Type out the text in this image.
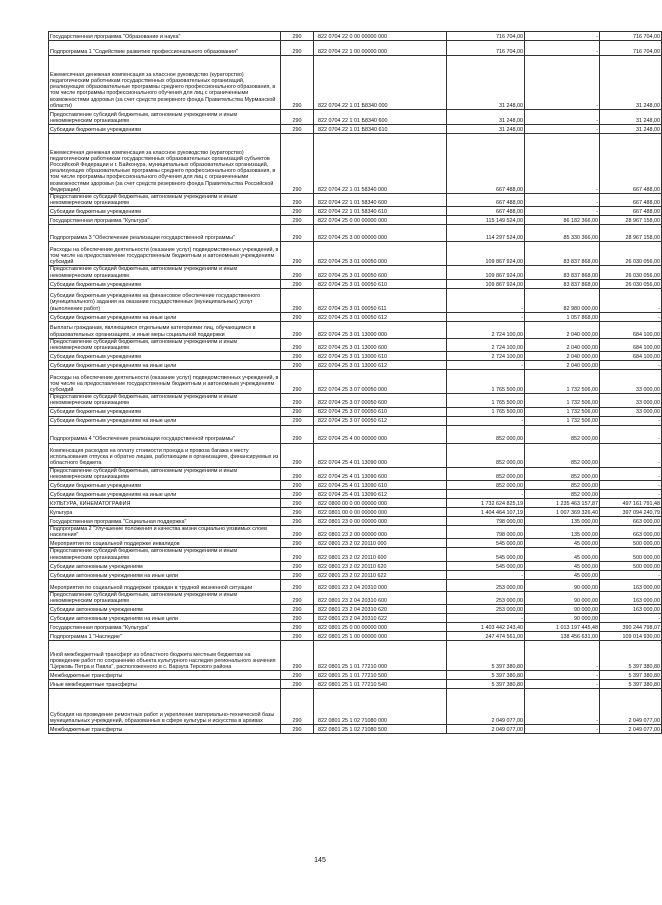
Государственная программа "Образование и наука"	290	822 0704 22 0 00 00000 000	716 704,00	-	716 704,00
Подпрограмма 1 "Содействие развитию профессионального образования"	290	822 0704 22 1 00 00000 000	716 704,00	-	716 704,00
Ежемесячная денежная компенсация за классное руководство (кураторство) педагогическим работникам государственных образовательных организаций, реализующих образовательные программы среднего профессионального образования, в том числе программы профессионального обучения для лиц с ограниченными возможностями здоровья (за счет средств резервного фонда Правительства Мурманской области)	290	822 0704 22 1 01 Б8340 000	31 248,00	-	31 248,00
Предоставление субсидий бюджетным, автономным учреждениям и иным некоммерческим организациям	290	822 0704 22 1 01 Б8340 600	31 248,00	-	31 248,00
Субсидии бюджетным учреждениям	290	822 0704 22 1 01 Б8340 610	31 248,00	-	31 248,00
Ежемесячная денежная компенсация за классное руководство (кураторство) педагогическим работникам государственных образовательных организаций субъектов Российской Федерации и г. Байконура, муниципальных образовательных организаций, реализующих образовательные программы среднего профессионального образования, в том числе программы профессионального обучения для лиц с ограниченными возможностями здоровья (за счет средств резервного фонда Правительства Российской Федерации)	290	822 0704 22 1 01 58340 000	667 488,00	-	667 488,00
Предоставление субсидий бюджетным, автономным учреждениям и иным некоммерческим организациям	290	822 0704 22 1 01 58340 600	667 488,00	-	667 488,00
Субсидии бюджетным учреждениям	290	822 0704 22 1 01 58340 610	667 488,00	-	667 488,00
Государственная программа "Культура"	290	822 0704 25 0 00 00000 000	115 149 524,00	86 182 366,00	28 967 158,00
Подпрограмма 3 "Обеспечение реализации государственной программы"	290	822 0704 25 3 00 00000 000	114 297 524,00	85 330 366,00	28 967 158,00
Расходы на обеспечение деятельности (оказание услуг) подведомственных учреждений, в том числе на предоставление государственным бюджетным и автономным учреждениям субсидий	290	822 0704 25 3 01 00050 000	109 867 924,00	83 837 868,00	26 030 056,00
Предоставление субсидий бюджетным, автономным учреждениям и иным некоммерческим организациям	290	822 0704 25 3 01 00050 600	109 867 924,00	83 837 868,00	26 030 056,00
Субсидии бюджетным учреждениям	290	822 0704 25 3 01 00050 610	109 867 924,00	83 837 868,00	26 030 056,00
Субсидии бюджетным учреждениям на финансовое обеспечение государственного (муниципального) задания на оказание государственных (муниципальных) услуг (выполнение работ)	290	822 0704 25 3 01 00050 611	-	82 980 000,00	-
Субсидии бюджетным учреждениям на иные цели	290	822 0704 25 3 01 00050 612	-	1 057 868,00	-
Выплаты гражданам, являющимся отдельными категориями лиц, обучающимся в образовательных организациях, и иные меры социальной поддержки	290	822 0704 25 3 01 13000 000	2 724 100,00	2 040 000,00	684 100,00
Предоставление субсидий бюджетным, автономным учреждениям и иным некоммерческим организациям	290	822 0704 25 3 01 13000 600	2 724 100,00	2 040 000,00	684 100,00
Субсидии бюджетным учреждениям	290	822 0704 25 3 01 13000 610	2 724 100,00	2 040 000,00	684 100,00
Субсидии бюджетным учреждениям на иные цели	290	822 0704 25 3 01 13000 612	-	2 040 000,00	-
Расходы на обеспечение деятельности (оказание услуг) подведомственных учреждений, в том числе на предоставление государственным бюджетным и автономным учреждениям субсидий	290	822 0704 25 3 07 00050 000	1 765 500,00	1 732 506,00	33 000,00
Предоставление субсидий бюджетным, автономным учреждениям и иным некоммерческим организациям	290	822 0704 25 3 07 00050 600	1 765 500,00	1 732 506,00	33 000,00
Субсидии бюджетным учреждениям	290	822 0704 25 3 07 00050 610	1 765 500,00	1 732 506,00	33 000,00
Субсидии бюджетным учреждениям на иные цели	290	822 0704 25 3 07 00050 612	-	1 732 506,00	-
Подпрограмма 4 "Обеспечение реализации государственной программы"	290	822 0704 25 4 00 00000 000	852 000,00	852 000,00	-
Компенсация расходов на оплату стоимости проезда и провоза багажа к месту использования отпуска и обратно лицам, работающим в организациях, финансируемых из областного бюджета	290	822 0704 25 4 01 13090 000	852 000,00	852 000,00	-
Предоставление субсидий бюджетным, автономным учреждениям и иным некоммерческим организациям	290	822 0704 25 4 01 13090 600	852 000,00	852 000,00	-
Субсидии бюджетным учреждениям	290	822 0704 25 4 01 13090 610	852 000,00	852 000,00	-
Субсидии бюджетным учреждениям на иные цели	290	822 0704 25 4 01 13090 612	-	852 000,00	-
КУЛЬТУРА, КИНЕМАТОГРАФИЯ	290	822 0800 00 0 00 00000 000	1 732 624 825,19	1 235 463 157,87	497 161 791,48
Культура	290	822 0801 00 0 00 00000 000	1 404 464 107,19	1 007 369 326,40	397 094 240,79
Государственная программа "Социальная поддержка"	290	822 0801 23 0 00 00000 000	798 000,00	135 000,00	663 000,00
Подпрограмма 2 "Улучшение положения и качества жизни социально уязвимых слоев населения"	290	822 0801 23 2 00 00000 000	798 000,00	135 000,00	663 000,00
Мероприятия по социальной поддержке инвалидов	290	822 0801 23 2 02 20110 000	545 000,00	45 000,00	500 000,00
Предоставление субсидий бюджетным, автономным учреждениям и иным некоммерческим организациям	290	822 0801 23 2 02 20110 600	545 000,00	45 000,00	500 000,00
Субсидии автономным учреждениям	290	822 0801 23 2 02 20110 620	545 000,00	45 000,00	500 000,00
Субсидии автономным учреждениям на иные цели	290	822 0801 23 2 02 20110 622	-	45 000,00	-
Мероприятия по социальной поддержке граждан в трудной жизненной ситуации	290	822 0801 23 2 04 20310 000	253 000,00	90 000,00	163 000,00
Предоставление субсидий бюджетным, автономным учреждениям и иным некоммерческим организациям	290	822 0801 23 2 04 20310 600	253 000,00	90 000,00	163 000,00
Субсидии автономным учреждениям	290	822 0801 23 2 04 20310 620	253 000,00	90 000,00	163 000,00
Субсидии автономным учреждениям на иные цели	290	822 0801 23 2 04 20310 622	-	90 000,00	-
Государственная программа "Культура"	290	822 0801 25 0 00 00000 000	1 403 442 243,40	1 013 197 445,48	390 244 798,07
Подпрограмма 1 "Наследие"	290	822 0801 25 1 00 00000 000	247 474 561,00	138 456 631,00	109 014 930,00
Иной межбюджетный трансферт из областного бюджета местным бюджетам на проведение работ по сохранению объекта культурного наследия регионального значения "Церковь Петра и Павла", расположенного в с. Варзуга Терского района	290	822 0801 25 1 01 77210 000	5 397 380,80	-	5 397 380,80
Межбюджетные трансферты	290	822 0801 25 1 01 77210 500	5 397 380,80	-	5 397 380,80
Иные межбюджетные трансферты	290	822 0801 25 1 01 77210 540	5 397 380,80	-	5 397 380,80
Субсидия на проведение ремонтных работ и укрепление материально-технической базы муниципальных учреждений, образованных в сфере культуры и искусства в архивах	290	822 0801 25 1 02 71080 000	2 049 077,00	-	2 049 077,00
Межбюджетные трансферты	290	822 0801 25 1 02 71080 500	2 049 077,00	-	2 049 077,00
145
